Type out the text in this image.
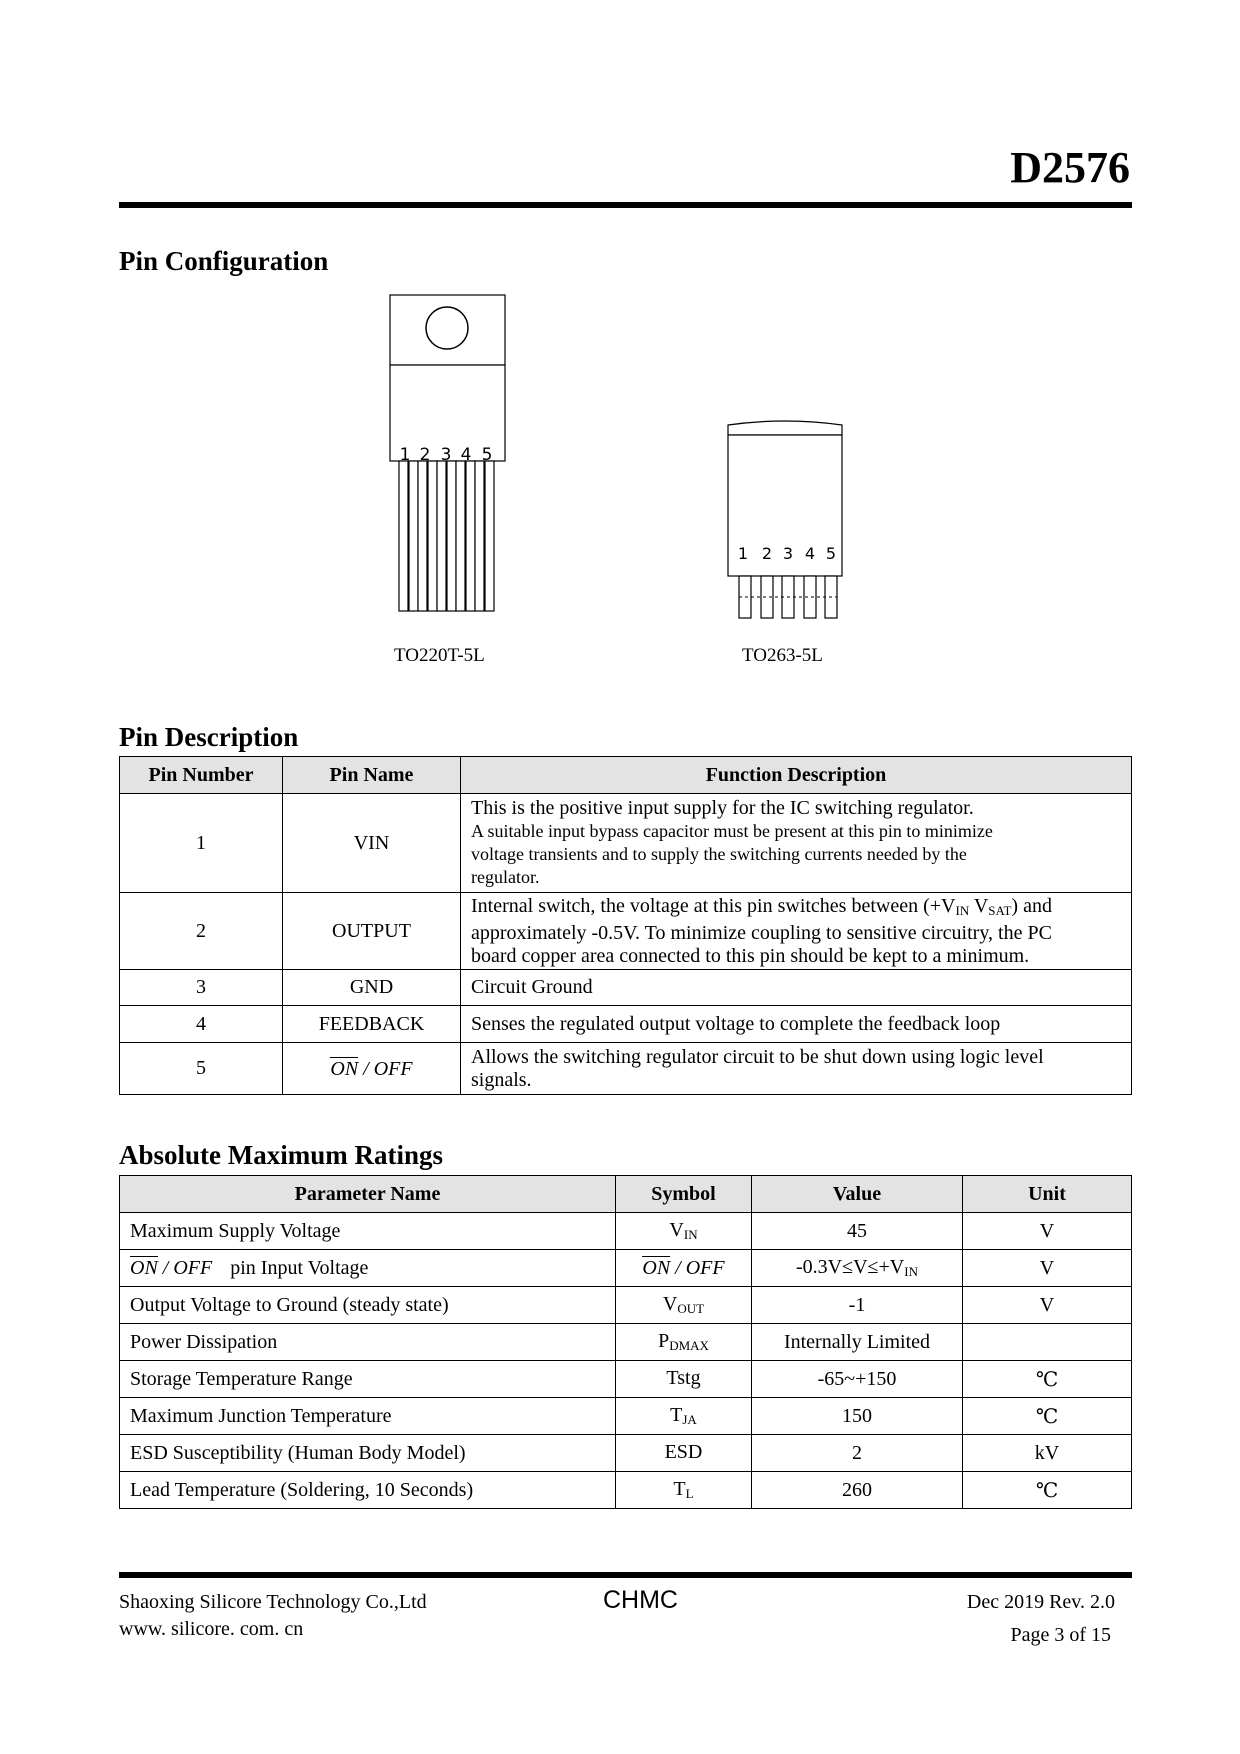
D2576
Pin Configuration
1 2 3 4 5
TO220T-5L
1 2 3 4 5
TO263-5L
Pin Description
Pin Number	Pin Name	Function Description
1	VIN	This is the positive input supply for the IC switching regulator.
A suitable input bypass capacitor must be present at this pin to minimize
voltage transients and to supply the switching currents needed by the
regulator.

2	OUTPUT	Internal switch, the voltage at this pin switches between ($+V_{IN}$ $V_{SAT}$) and
approximately -0.5V. To minimize coupling to sensitive circuitry, the PC
board copper area connected to this pin should be kept to a minimum.

3	GND	Circuit Ground
4	FEEDBACK	Senses the regulated output voltage to complete the feedback loop
5	ON / OFF	Allows the switching regulator circuit to be shut down using logic level
signals.
Absolute Maximum Ratings
Parameter Name	Symbol	Value	Unit
Maximum Supply Voltage	$V_{IN}$	45	V
ON / OFF pin Input Voltage	ON / OFF	$-0.3V\le V\le+V_{IN}$	V
Output Voltage to Ground (steady state)	$V_{OUT}$	-1	V
Power Dissipation	$P_{DMAX}$	Internally Limited	
Storage Temperature Range	Tstg	-65~+150	℃
Maximum Junction Temperature	$T_{JA}$	150	℃
ESD Susceptibility (Human Body Model)	ESD	2	kV
Lead Temperature (Soldering, 10 Seconds)	$T_L$	260	℃
Shaoxing Silicore Technology Co.,Ltd
www. silicore. com. cn
CHMC	Dec 2019 Rev. 2.0
Page 3 of 15
